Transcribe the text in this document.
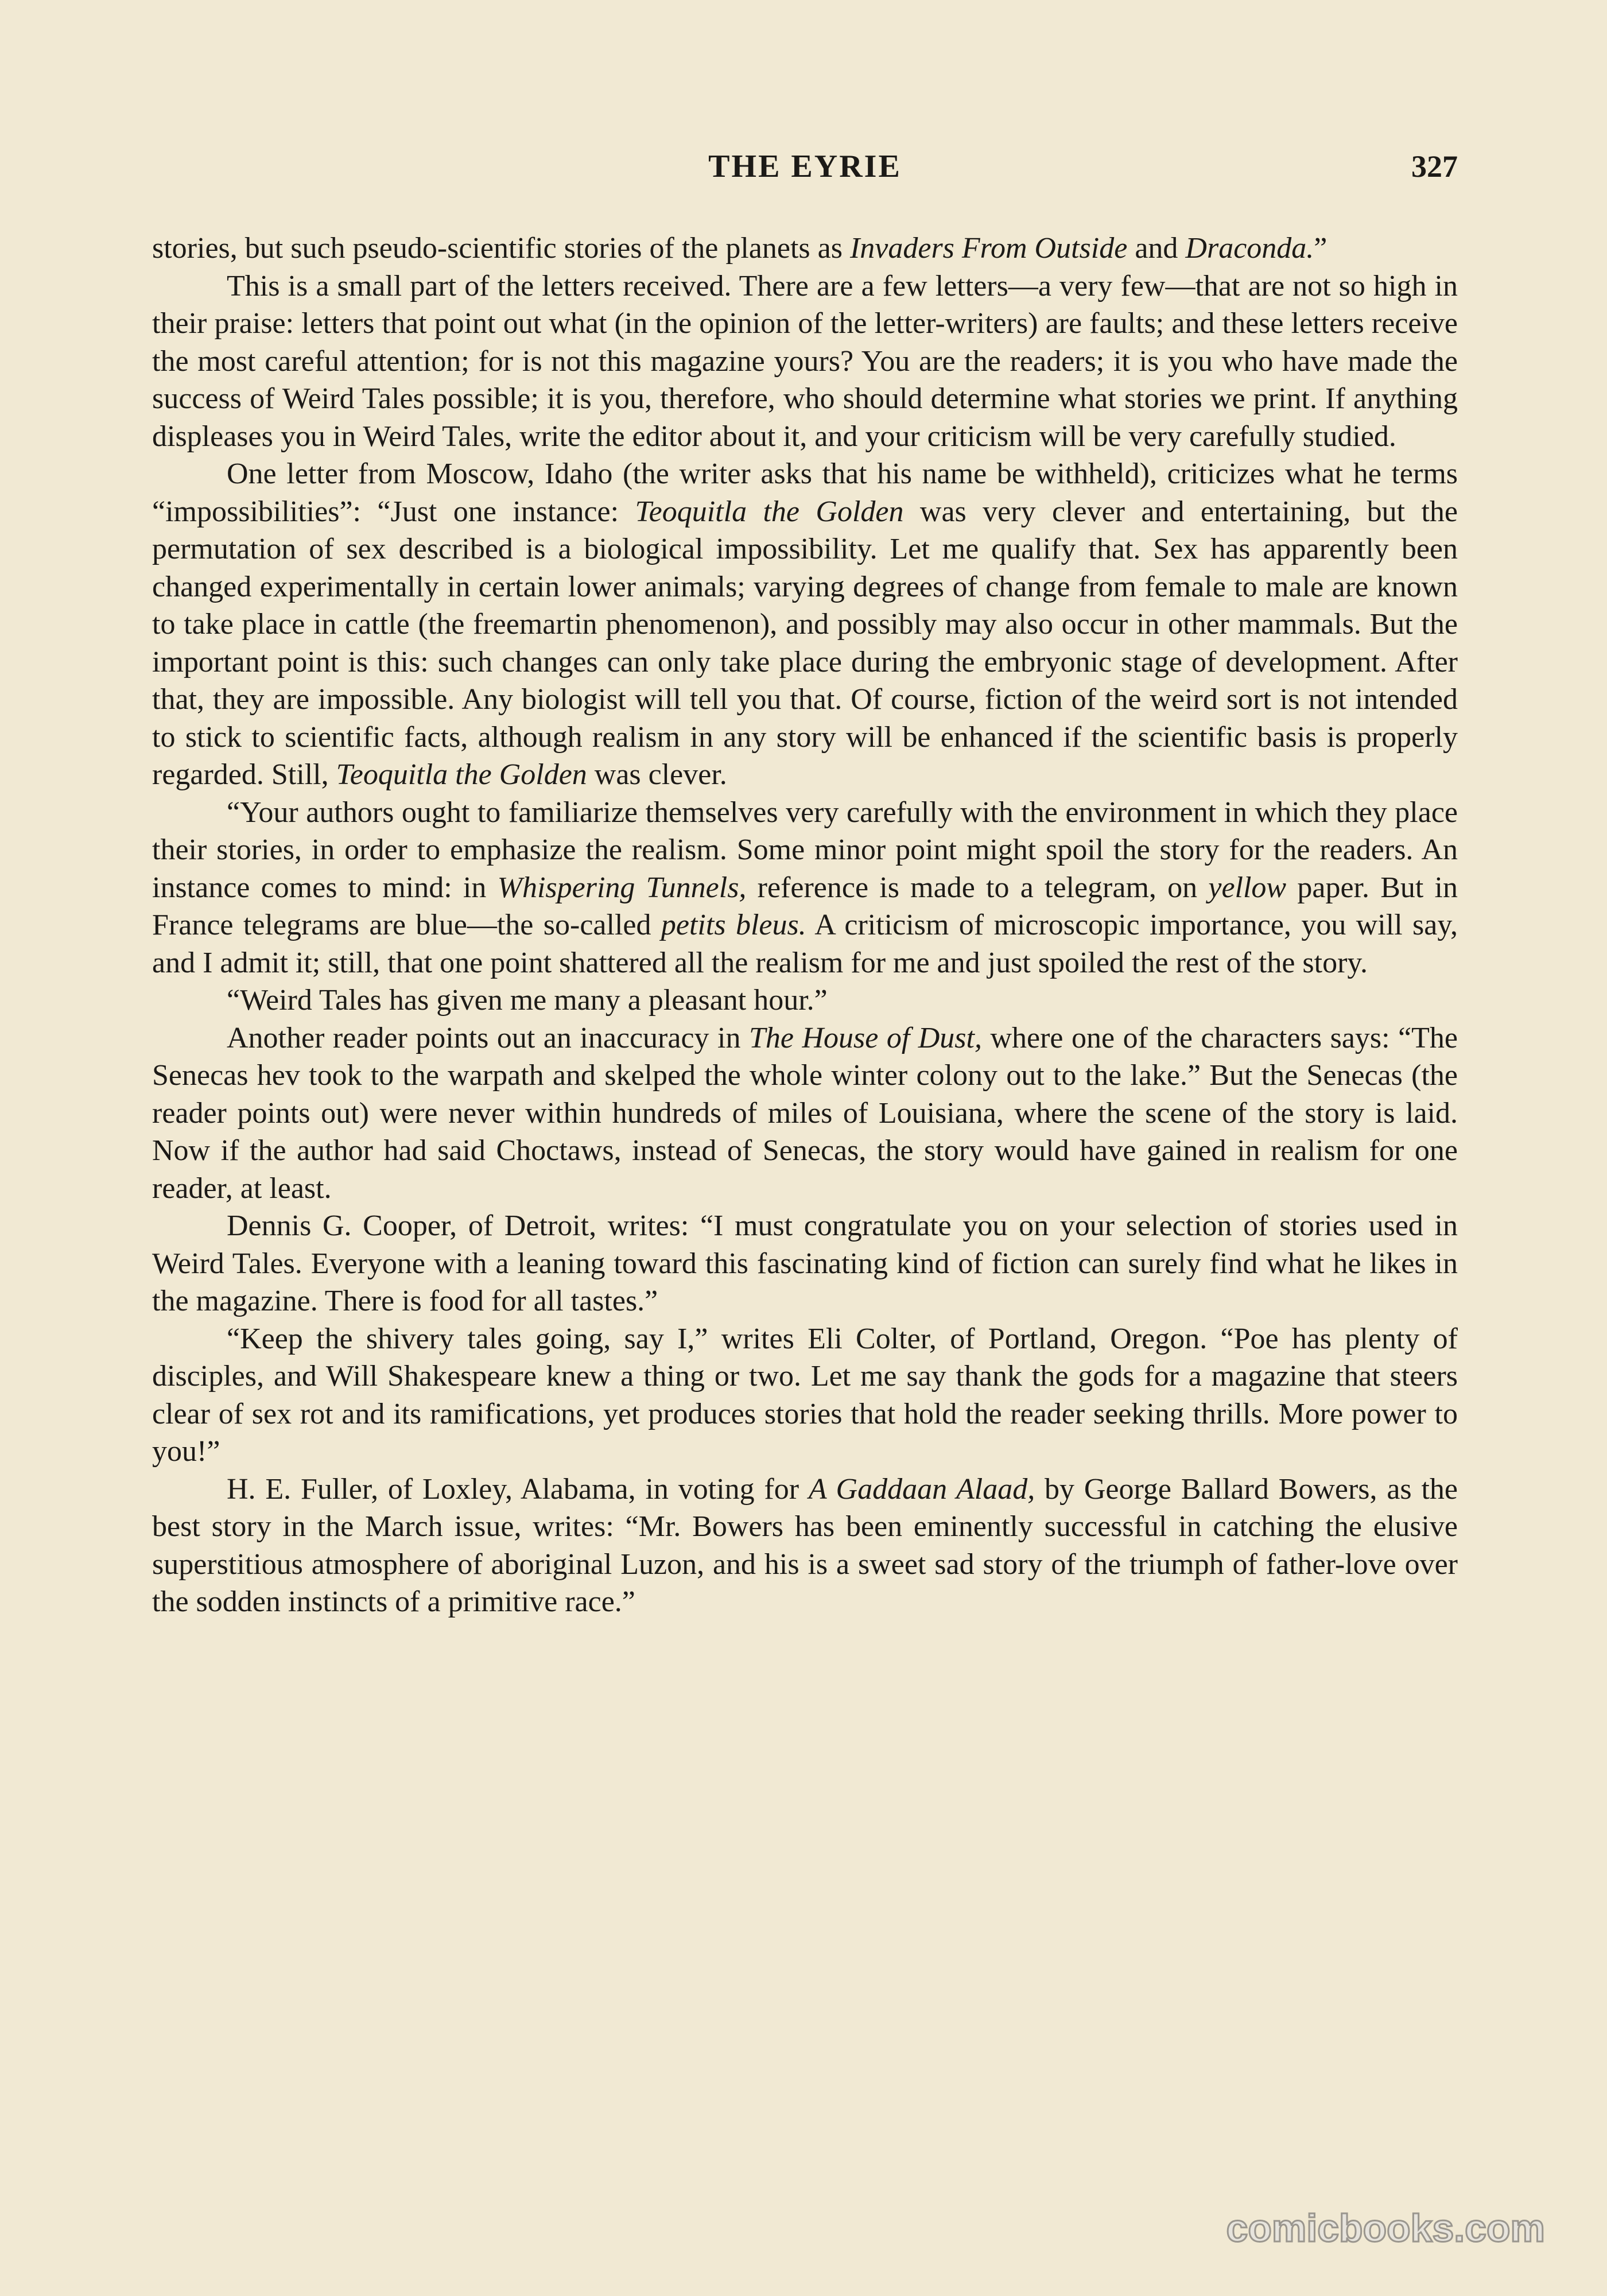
THE EYRIE	327

stories, but such pseudo-scientific stories of the planets as Invaders From Outside and Draconda.”

This is a small part of the letters received. There are a few letters—a very few—that are not so high in their praise: letters that point out what (in the opinion of the letter-writers) are faults; and these letters receive the most careful attention; for is not this magazine yours? You are the readers; it is you who have made the success of Weird Tales possible; it is you, therefore, who should determine what stories we print. If anything displeases you in Weird Tales, write the editor about it, and your criticism will be very carefully studied.

One letter from Moscow, Idaho (the writer asks that his name be withheld), criticizes what he terms “impossibilities”: “Just one instance: Teoquitla the Golden was very clever and entertaining, but the permutation of sex described is a biological impossibility. Let me qualify that. Sex has apparently been changed experimentally in certain lower animals; varying degrees of change from female to male are known to take place in cattle (the freemartin phenomenon), and possibly may also occur in other mammals. But the important point is this: such changes can only take place during the embryonic stage of development. After that, they are impossible. Any biologist will tell you that. Of course, fiction of the weird sort is not intended to stick to scientific facts, although realism in any story will be enhanced if the scientific basis is properly regarded. Still, Teoquitla the Golden was clever.

“Your authors ought to familiarize themselves very carefully with the environment in which they place their stories, in order to emphasize the realism. Some minor point might spoil the story for the readers. An instance comes to mind: in Whispering Tunnels, reference is made to a telegram, on yellow paper. But in France telegrams are blue—the so-called petits bleus. A criticism of microscopic importance, you will say, and I admit it; still, that one point shattered all the realism for me and just spoiled the rest of the story.

“Weird Tales has given me many a pleasant hour.”

Another reader points out an inaccuracy in The House of Dust, where one of the characters says: “The Senecas hev took to the warpath and skelped the whole winter colony out to the lake.” But the Senecas (the reader points out) were never within hundreds of miles of Louisiana, where the scene of the story is laid. Now if the author had said Choctaws, instead of Senecas, the story would have gained in realism for one reader, at least.

Dennis G. Cooper, of Detroit, writes: “I must congratulate you on your selection of stories used in Weird Tales. Everyone with a leaning toward this fascinating kind of fiction can surely find what he likes in the magazine. There is food for all tastes.”

“Keep the shivery tales going, say I,” writes Eli Colter, of Portland, Oregon. “Poe has plenty of disciples, and Will Shakespeare knew a thing or two. Let me say thank the gods for a magazine that steers clear of sex rot and its ramifications, yet produces stories that hold the reader seeking thrills. More power to you!”

H. E. Fuller, of Loxley, Alabama, in voting for A Gaddaan Alaad, by George Ballard Bowers, as the best story in the March issue, writes: “Mr. Bowers has been eminently successful in catching the elusive superstitious atmosphere of aboriginal Luzon, and his is a sweet sad story of the triumph of father-love over the sodden instincts of a primitive race.”

comicbooks.com
